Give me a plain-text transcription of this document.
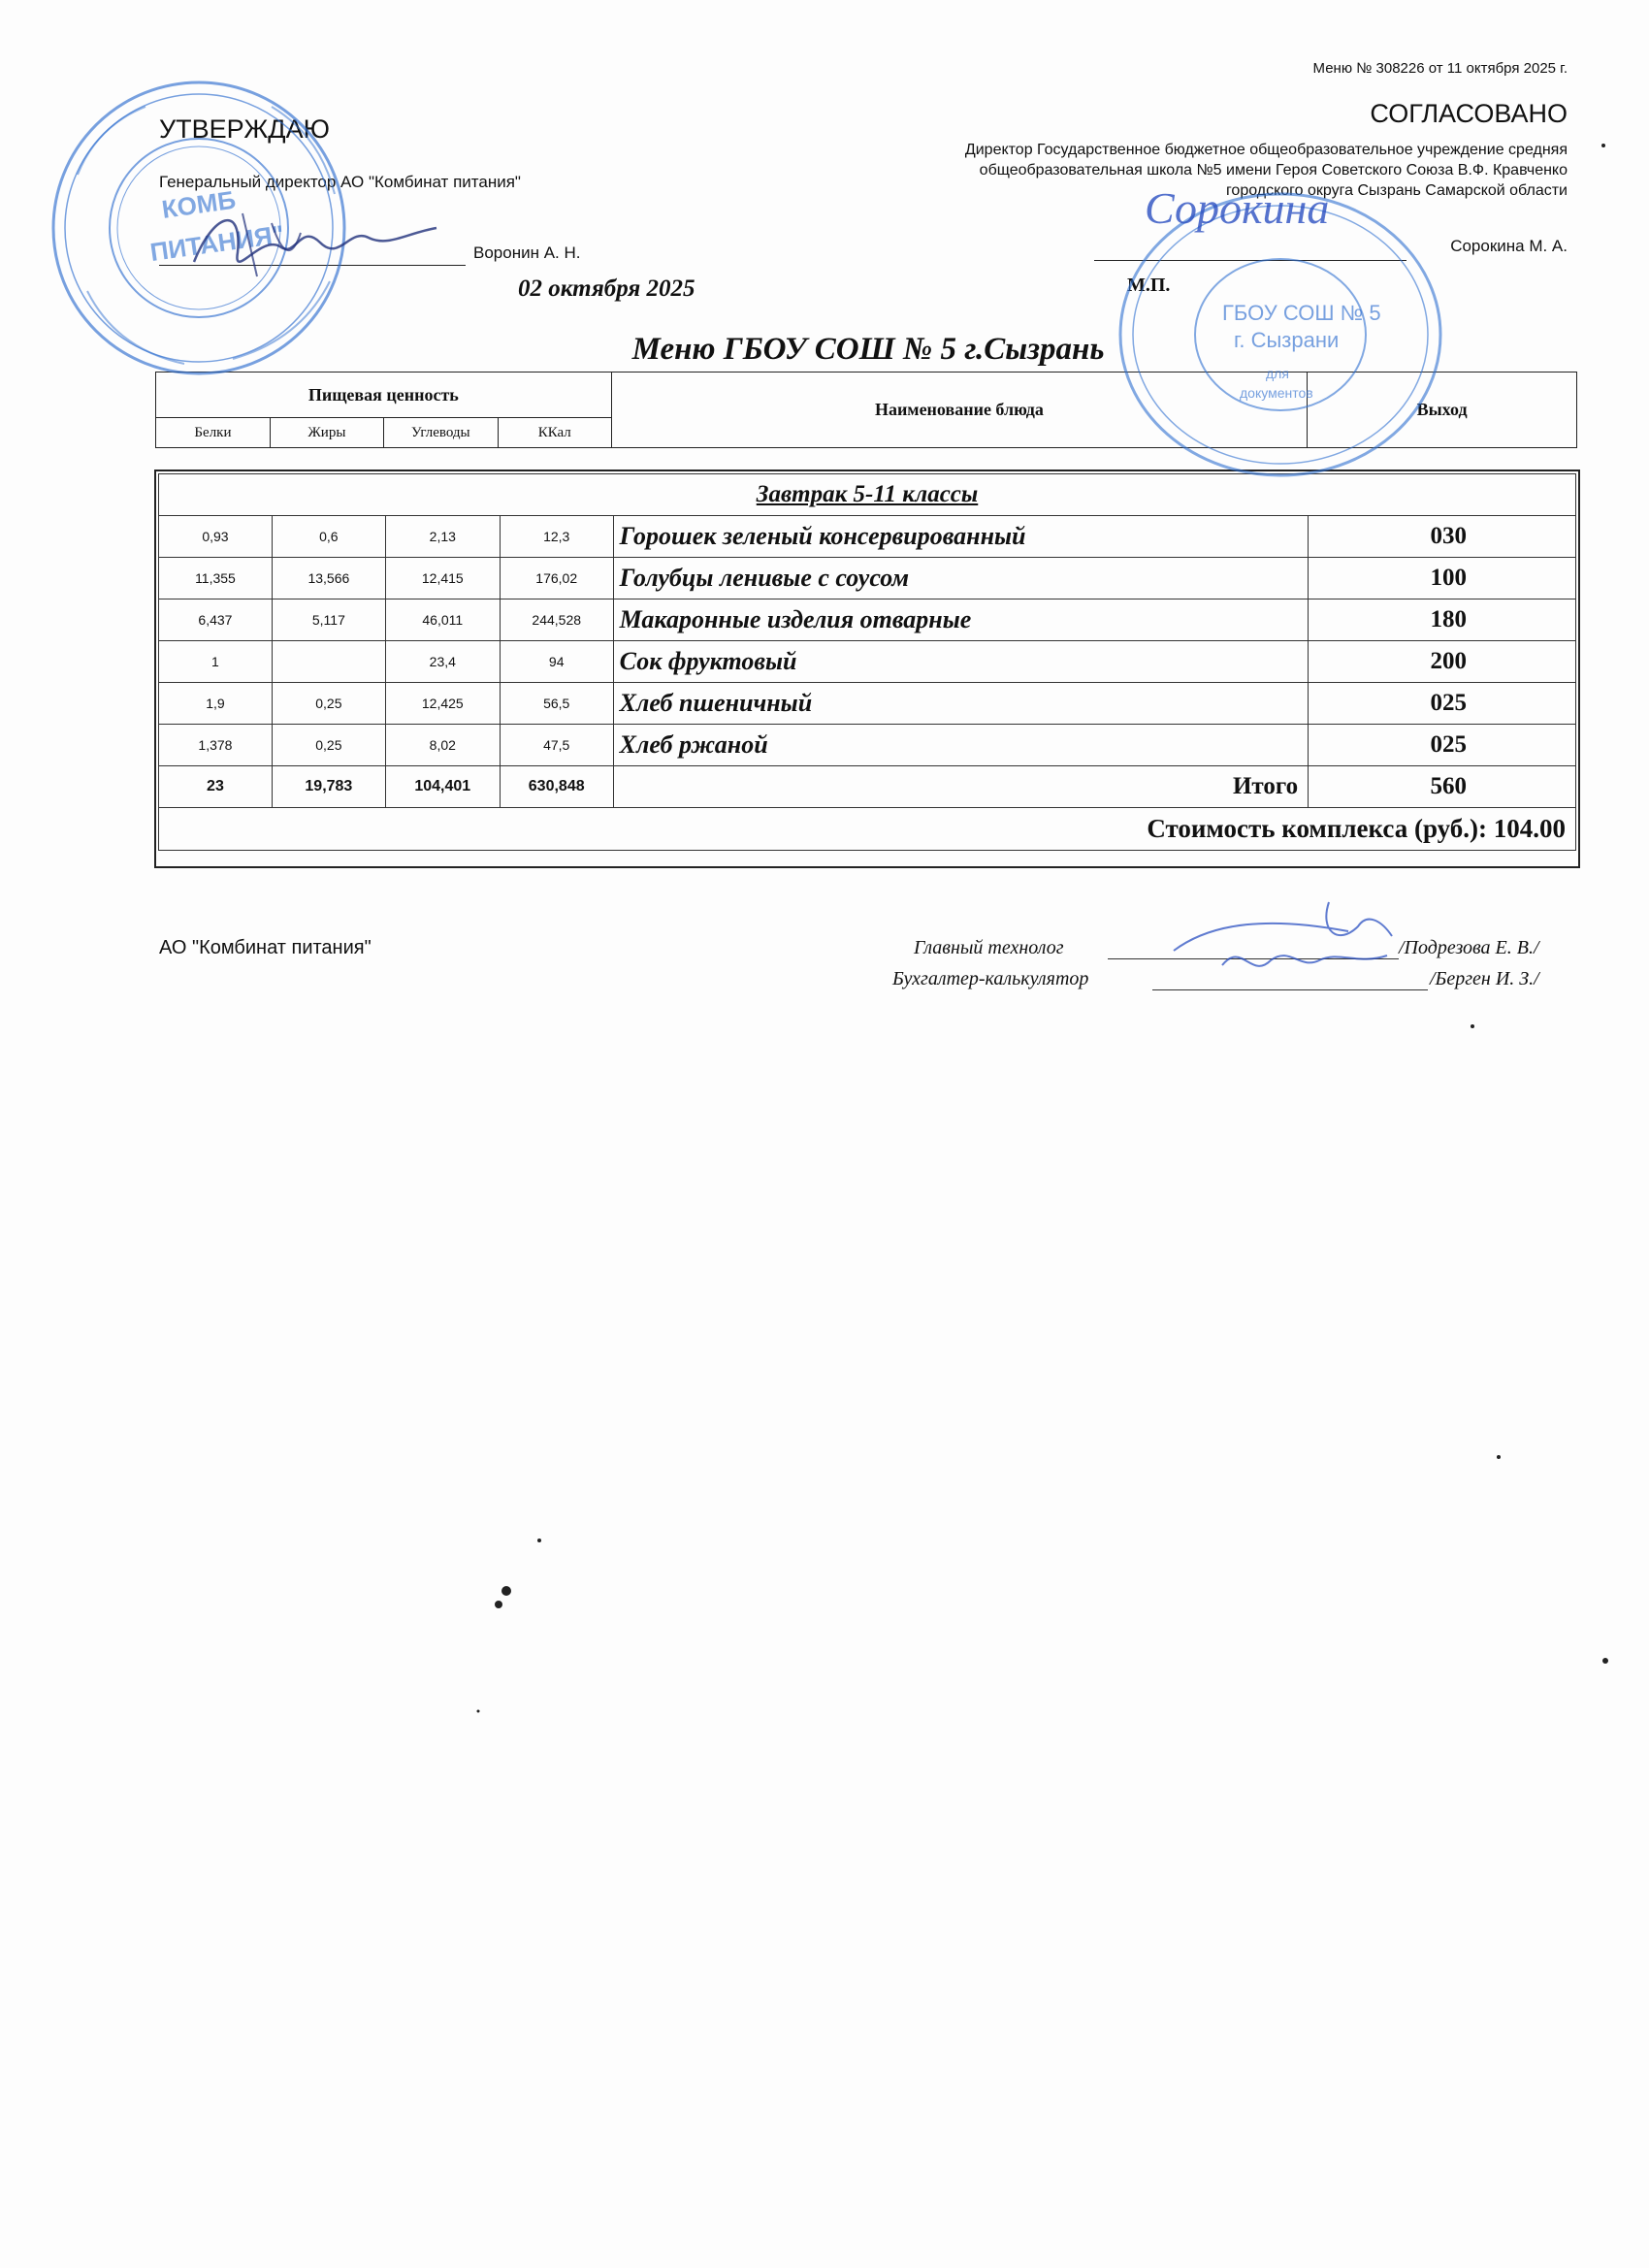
Меню № 308226 от 11 октября 2025 г.
УТВЕРЖДАЮ
Генеральный директор АО "Комбинат питания"
Воронин А. Н.
02 октября 2025
СОГЛАСОВАНО
Директор Государственное бюджетное общеобразовательное учреждение средняя
общеобразовательная школа №5 имени Героя Советского Союза В.Ф. Кравченко
городского округа Сызрань Самарской области
Сорокина М. А.
М.П.
Меню ГБОУ СОШ № 5 г.Сызрань
Пищевая ценность				Наименование блюда	Выход
Белки	Жиры	Углеводы	ККал		
Завтрак 5-11 классы					
0,93	0,6	2,13	12,3	Горошек зеленый консервированный	030
11,355	13,566	12,415	176,02	Голубцы ленивые с соусом	100
6,437	5,117	46,011	244,528	Макаронные изделия отварные	180
1		23,4	94	Сок фруктовый	200
1,9	0,25	12,425	56,5	Хлеб пшеничный	025
1,378	0,25	8,02	47,5	Хлеб ржаной	025
23	19,783	104,401	630,848	Итого	560
Стоимость комплекса (руб.): 104.00					
АО "Комбинат питания"	Главный технолог	/Подрезова Е. В./
Бухгалтер-калькулятор	/Берген И. З./
КОМБ
ПИТАНИЯ"
ГБОУ СОШ № 5
г. Сызрани
для
документов
Сорокина
